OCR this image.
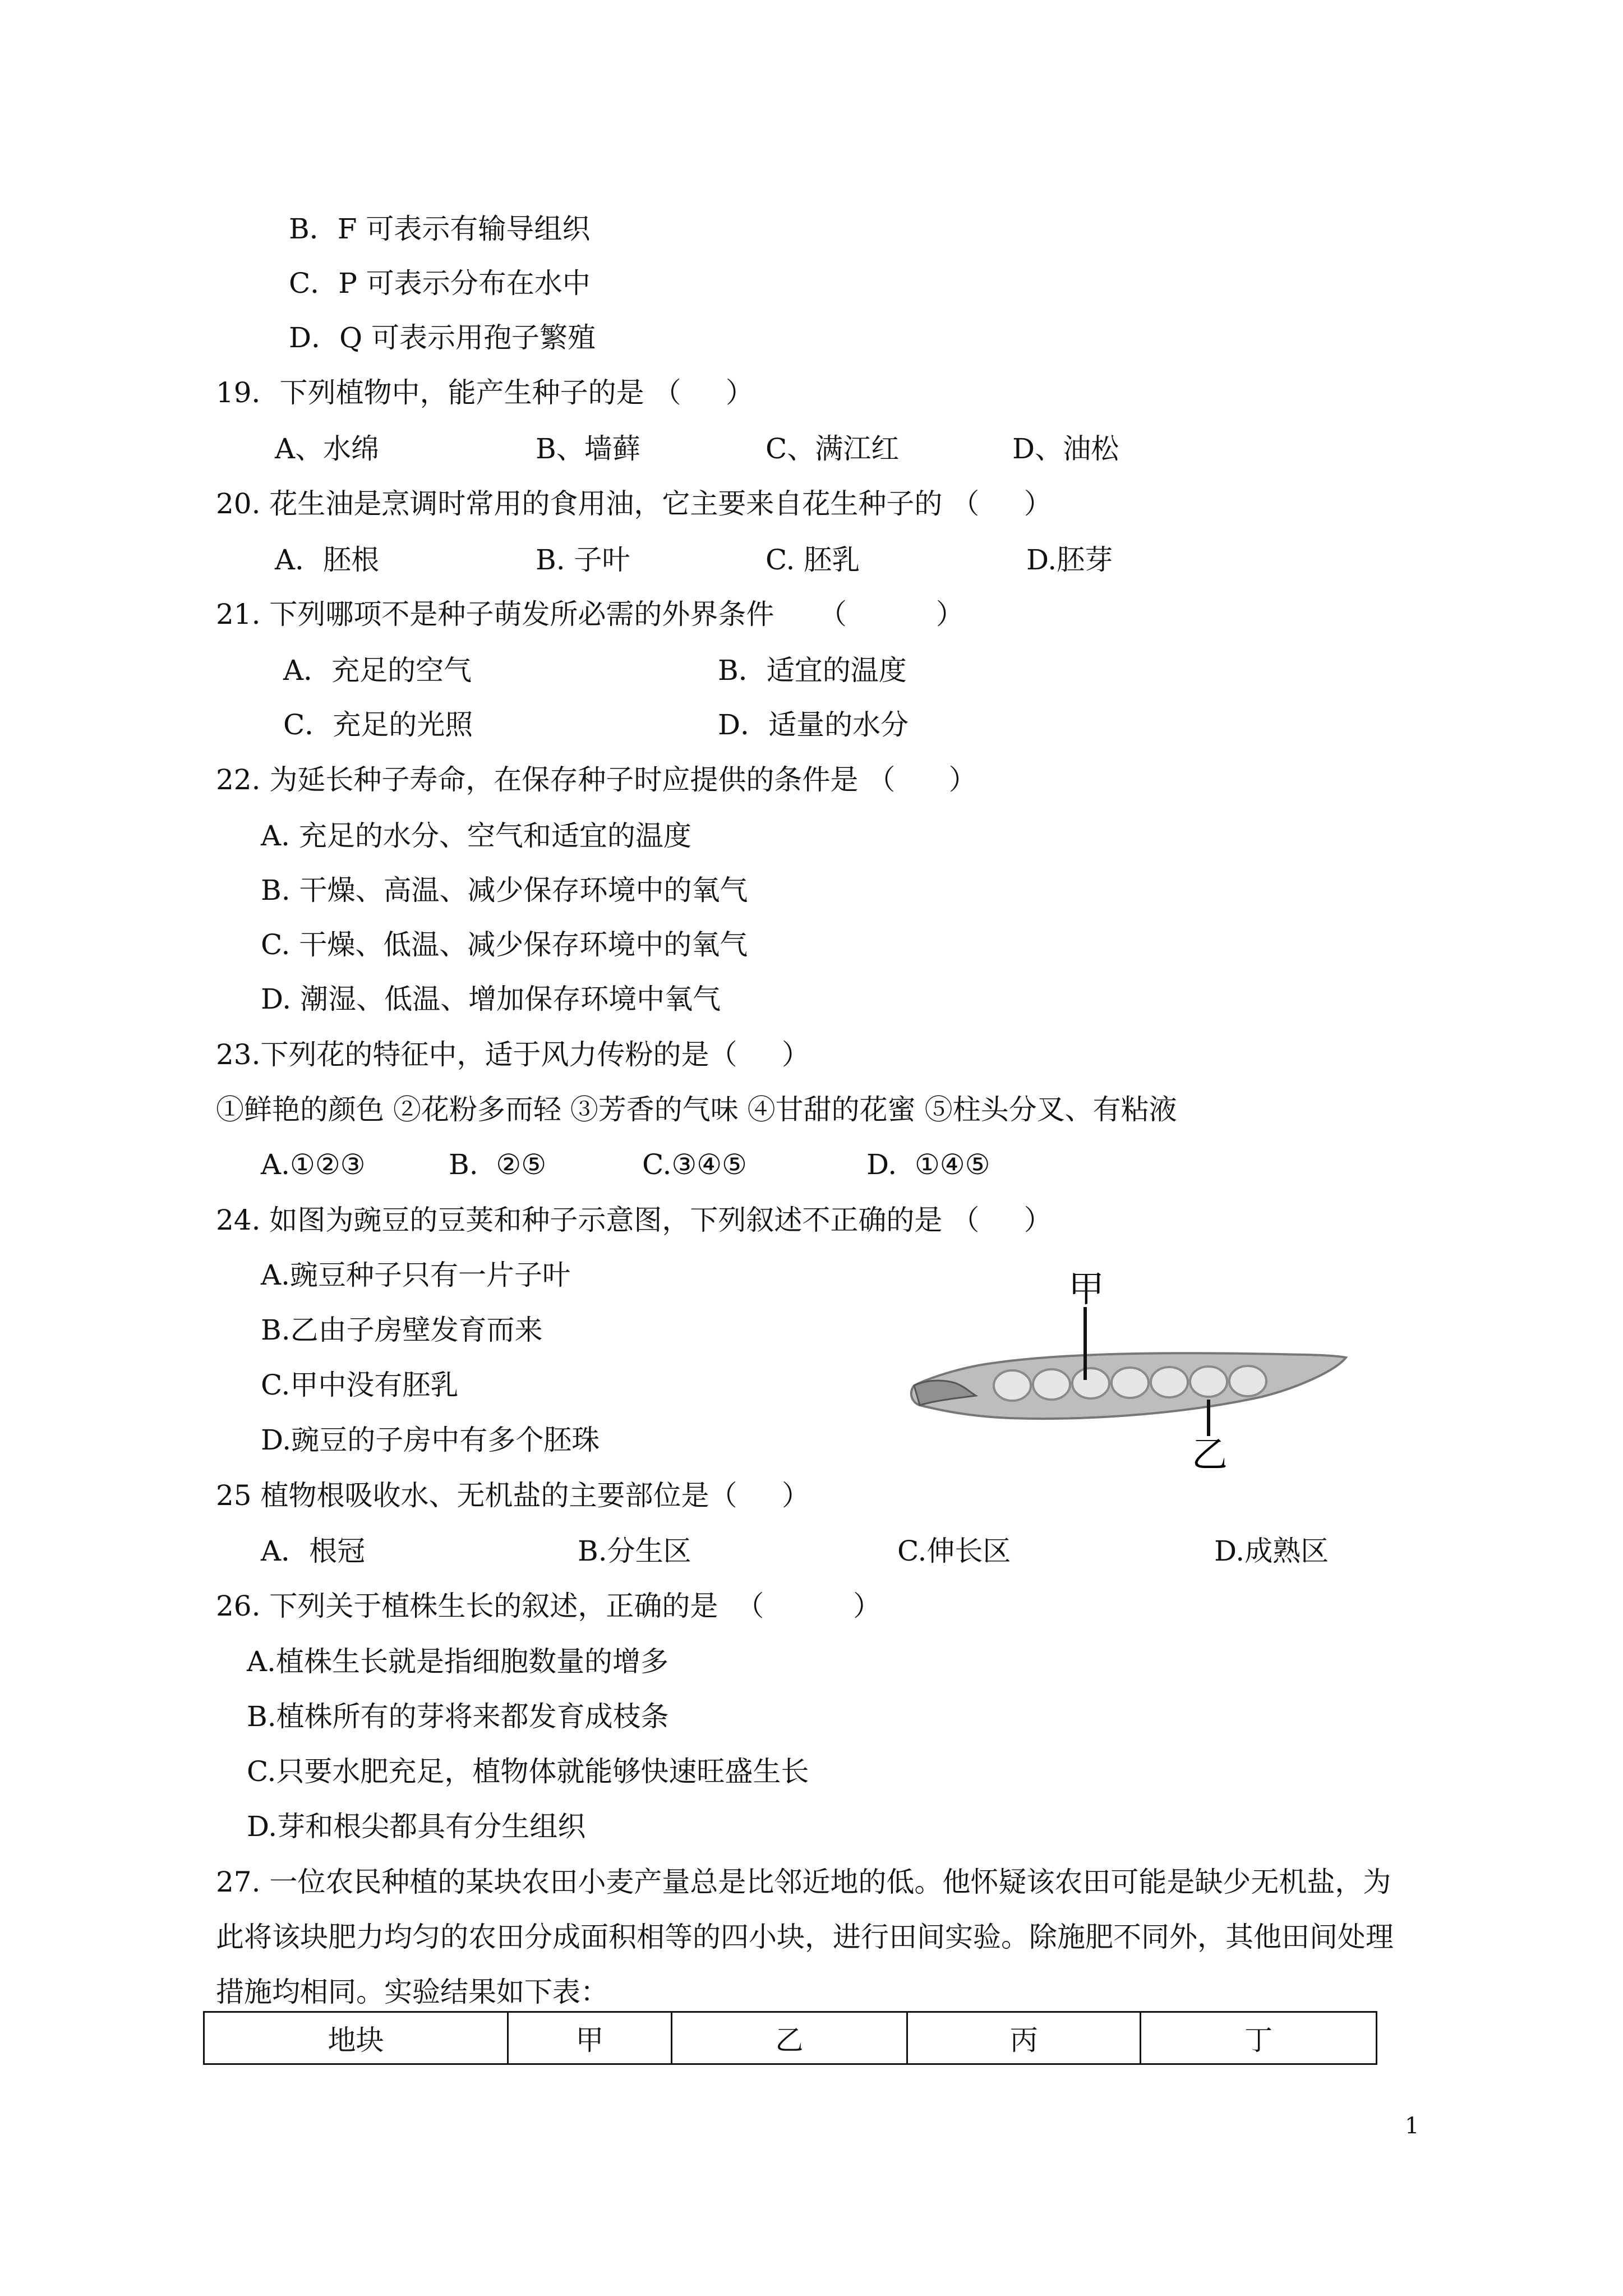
B．F 可表示有输导组织
C．P 可表示分布在水中
D．Q 可表示用孢子繁殖
19．下列植物中，能产生种子的是 （     ）
A、水绵	B、墙藓	C、满江红	D、油松
20. 花生油是烹调时常用的食用油，它主要来自花生种子的 （     ）
A．胚根	B. 子叶	C. 胚乳	D.胚芽
21. 下列哪项不是种子萌发所必需的外界条件     （          ）
A．充足的空气	B．适宜的温度
C．充足的光照	D．适量的水分
22. 为延长种子寿命，在保存种子时应提供的条件是 （      ）
A. 充足的水分、空气和适宜的温度
B. 干燥、高温、减少保存环境中的氧气
C. 干燥、低温、减少保存环境中的氧气
D. 潮湿、低温、增加保存环境中氧气
23.下列花的特征中，适于风力传粉的是（     ）
①鲜艳的颜色 ②花粉多而轻 ③芳香的气味 ④甘甜的花蜜 ⑤柱头分叉、有粘液
A.①②③	B.  ②⑤	C.③④⑤	D.  ①④⑤
24. 如图为豌豆的豆荚和种子示意图，下列叙述不正确的是 （     ）
A.豌豆种子只有一片子叶
B.乙由子房壁发育而来
C.甲中没有胚乳
D.豌豆的子房中有多个胚珠
甲
乙
25 植物根吸收水、无机盐的主要部位是（     ）
A．根冠	B.分生区	C.伸长区	D.成熟区
26. 下列关于植株生长的叙述，正确的是  （          ）
A.植株生长就是指细胞数量的增多
B.植株所有的芽将来都发育成枝条
C.只要水肥充足，植物体就能够快速旺盛生长
D.芽和根尖都具有分生组织
27. 一位农民种植的某块农田小麦产量总是比邻近地的低。他怀疑该农田可能是缺少无机盐，为
此将该块肥力均匀的农田分成面积相等的四小块，进行田间实验。除施肥不同外，其他田间处理
措施均相同。实验结果如下表：
地块	甲	乙	丙	丁
1
